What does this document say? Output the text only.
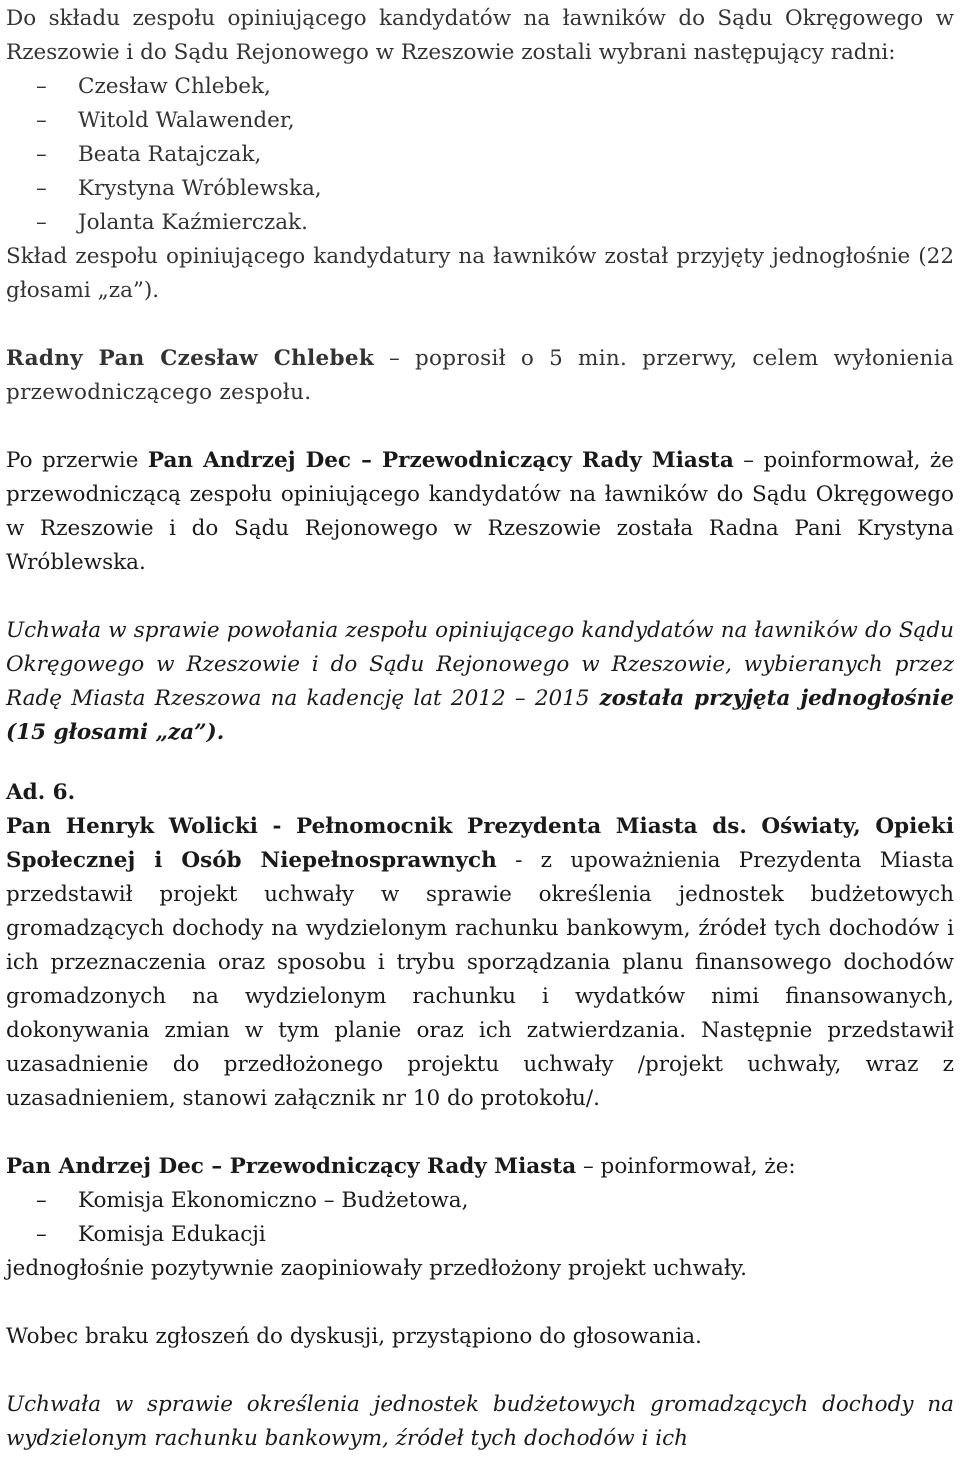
Do składu zespołu opiniującego kandydatów na ławników do Sądu Okręgowego w Rzeszowie i do Sądu Rejonowego w Rzeszowie zostali wybrani następujący radni:

– Czesław Chlebek,
– Witold Walawender,
– Beata Ratajczak,
– Krystyna Wróblewska,
– Jolanta Kaźmierczak.

Skład zespołu opiniującego kandydatury na ławników został przyjęty jednogłośnie (22 głosami „za”).

Radny Pan Czesław Chlebek – poprosił o 5 min. przerwy, celem wyłonienia przewodniczącego zespołu.

Po przerwie Pan Andrzej Dec – Przewodniczący Rady Miasta – poinformował, że przewodniczącą zespołu opiniującego kandydatów na ławników do Sądu Okręgowego w Rzeszowie i do Sądu Rejonowego w Rzeszowie została Radna Pani Krystyna Wróblewska.

Uchwała w sprawie powołania zespołu opiniującego kandydatów na ławników do Sądu Okręgowego w Rzeszowie i do Sądu Rejonowego w Rzeszowie, wybieranych przez Radę Miasta Rzeszowa na kadencję lat 2012 – 2015 została przyjęta jednogłośnie (15 głosami „za”).

Ad. 6.

Pan Henryk Wolicki - Pełnomocnik Prezydenta Miasta ds. Oświaty, Opieki Społecznej i Osób Niepełnosprawnych - z upoważnienia Prezydenta Miasta przedstawił projekt uchwały w sprawie określenia jednostek budżetowych gromadzących dochody na wydzielonym rachunku bankowym, źródeł tych dochodów i ich przeznaczenia oraz sposobu i trybu sporządzania planu finansowego dochodów gromadzonych na wydzielonym rachunku i wydatków nimi finansowanych, dokonywania zmian w tym planie oraz ich zatwierdzania. Następnie przedstawił uzasadnienie do przedłożonego projektu uchwały /projekt uchwały, wraz z uzasadnieniem, stanowi załącznik nr 10 do protokołu/.

Pan Andrzej Dec – Przewodniczący Rady Miasta – poinformował, że:

– Komisja Ekonomiczno – Budżetowa,
– Komisja Edukacji

jednogłośnie pozytywnie zaopiniowały przedłożony projekt uchwały.

Wobec braku zgłoszeń do dyskusji, przystąpiono do głosowania.

Uchwała w sprawie określenia jednostek budżetowych gromadzących dochody na wydzielonym rachunku bankowym, źródeł tych dochodów i ich
